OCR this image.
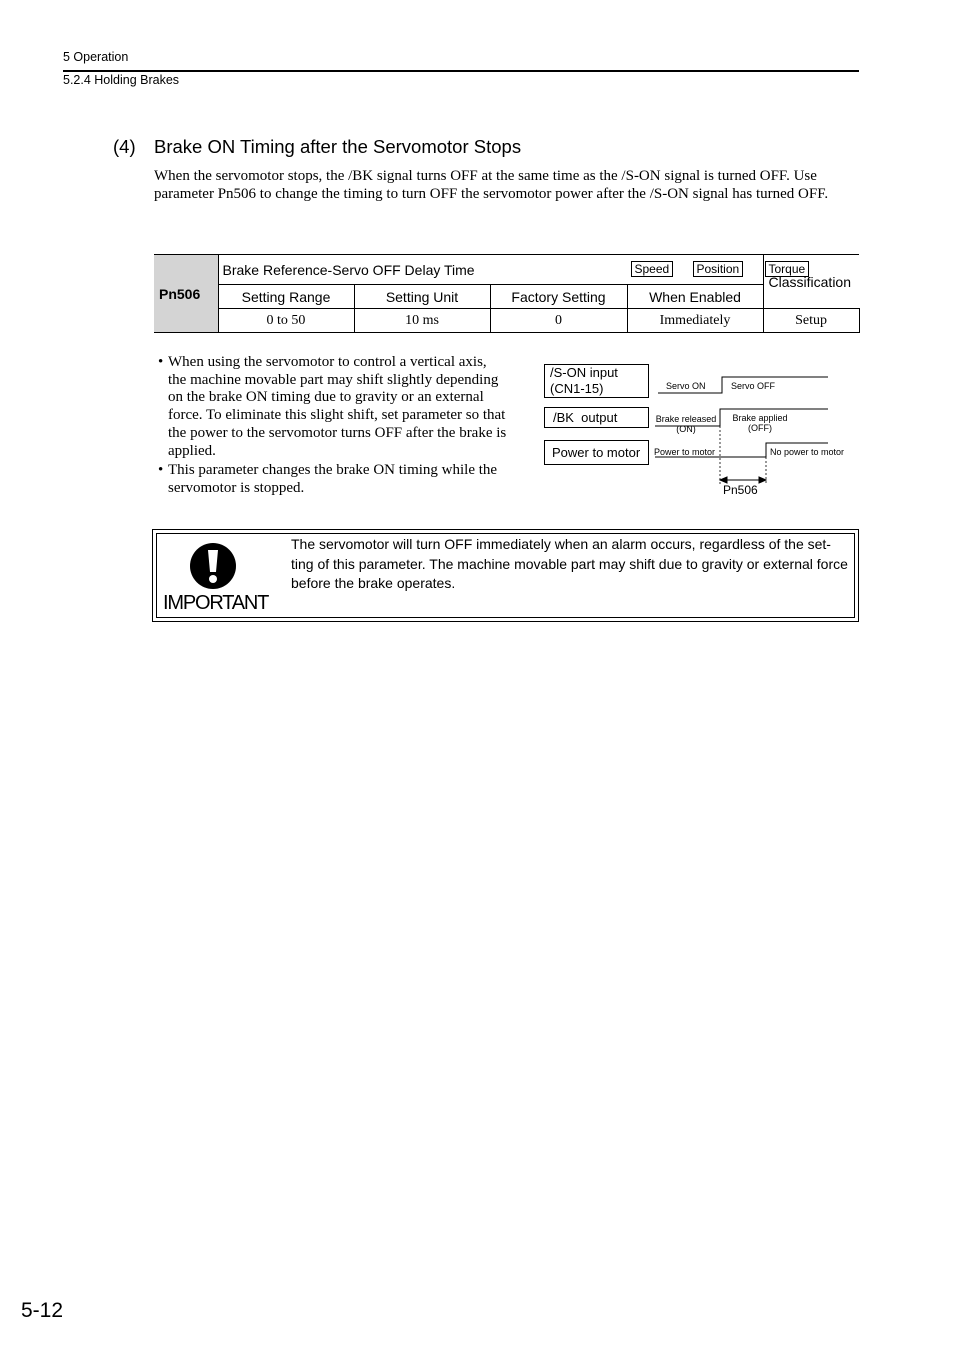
5 Operation
5.2.4 Holding Brakes
(4) Brake ON Timing after the Servomotor Stops
When the servomotor stops, the /BK signal turns OFF at the same time as the /S-ON signal is turned OFF. Use parameter Pn506 to change the timing to turn OFF the servomotor power after the /S-ON signal has turned OFF.
Pn506	Brake Reference-Servo OFF Delay Time Speed Position Torque				Classification
	Setting Range	Setting Unit	Factory Setting	When Enabled	
	0 to 50	10 ms	0	Immediately	Setup
• When using the servomotor to control a vertical axis, the machine movable part may shift slightly depending on the brake ON timing due to gravity or an external force. To eliminate this slight shift, set parameter so that the power to the servomotor turns OFF after the brake is applied.
• This parameter changes the brake ON timing while the servomotor is stopped.
/S-ON input
(CN1-15)
/BK  output
Power to motor
Servo ON	Servo OFF
Brake released
(ON)
Brake applied
(OFF)
Power to motor	No power to motor
Pn506
IMPORTANT
The servomotor will turn OFF immediately when an alarm occurs, regardless of the set-ting of this parameter. The machine movable part may shift due to gravity or external force before the brake operates.
5-12
